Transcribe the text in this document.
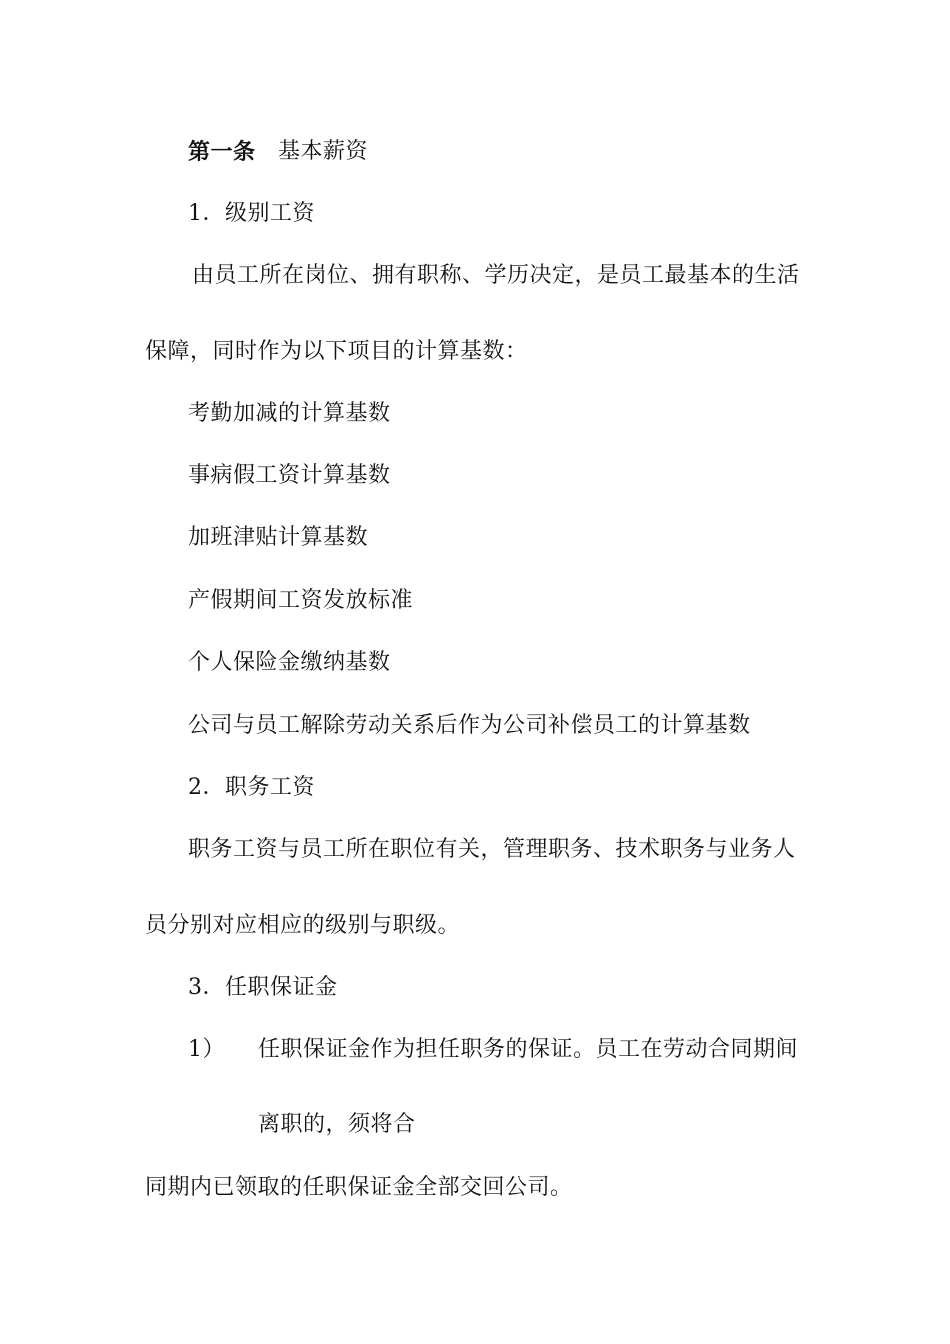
第一条 基本薪资
1．级别工资
由员工所在岗位、拥有职称、学历决定，是员工最基本的生活
保障，同时作为以下项目的计算基数：
考勤加减的计算基数
事病假工资计算基数
加班津贴计算基数
产假期间工资发放标准
个人保险金缴纳基数
公司与员工解除劳动关系后作为公司补偿员工的计算基数
2．职务工资
职务工资与员工所在职位有关，管理职务、技术职务与业务人
员分别对应相应的级别与职级。
3．任职保证金
1） 任职保证金作为担任职务的保证。员工在劳动合同期间
离职的，须将合
同期内已领取的任职保证金全部交回公司。
